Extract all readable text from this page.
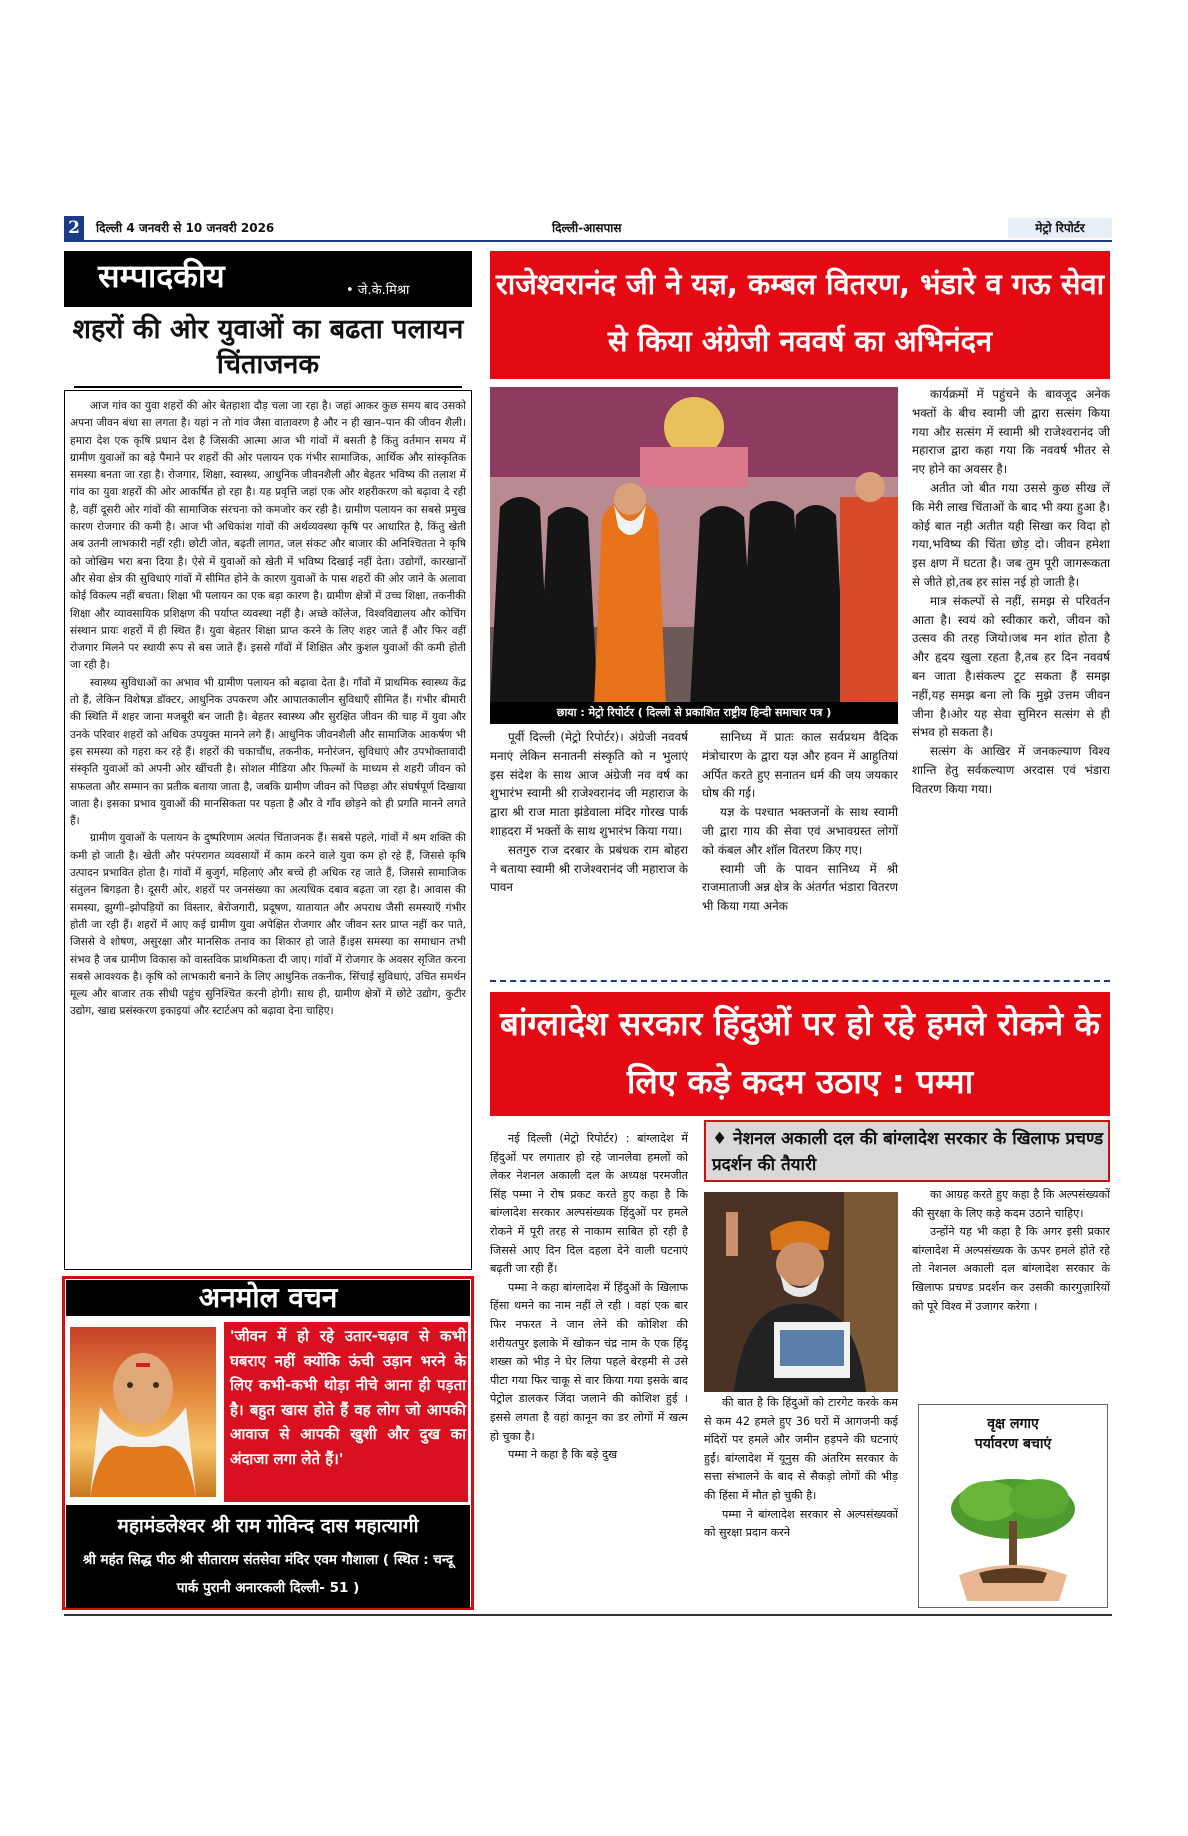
2	दिल्ली 4 जनवरी से 10 जनवरी 2026	दिल्ली-आसपास	मेट्रो रिपोर्टर
सम्पादकीय	• जे.के.मिश्रा
शहरों की ओर युवाओं का बढता पलायन चिंताजनक

आज गांव का युवा शहरों की ओर बेतहाशा दौड़ चला जा रहा है। जहां आकर कुछ समय बाद उसको अपना जीवन बंधा सा लगता है। यहां न तो गांव जैसा वातावरण है और न ही खान–पान की जीवन शैली। हमारा देश एक कृषि प्रधान देश है जिसकी आत्मा आज भी गांवों में बसती है किंतु वर्तमान समय में ग्रामीण युवाओं का बड़े पैमाने पर शहरों की ओर पलायन एक गंभीर सामाजिक, आर्थिक और सांस्कृतिक समस्या बनता जा रहा है। रोजगार, शिक्षा, स्वास्थ्य, आधुनिक जीवनशैली और बेहतर भविष्य की तलाश में गांव का युवा शहरों की ओर आकर्षित हो रहा है। यह प्रवृत्ति जहां एक ओर शहरीकरण को बढ़ावा दे रही है, वहीं दूसरी ओर गांवों की सामाजिक संरचना को कमजोर कर रही है। ग्रामीण पलायन का सबसे प्रमुख कारण रोजगार की कमी है। आज भी अधिकांश गांवों की अर्थव्यवस्था कृषि पर आधारित है, किंतु खेती अब उतनी लाभकारी नहीं रही। छोटी जोत, बढ़ती लागत, जल संकट और बाजार की अनिश्चितता ने कृषि को जोखिम भरा बना दिया है। ऐसे में युवाओं को खेती में भविष्य दिखाई नहीं देता। उद्योगों, कारखानों और सेवा क्षेत्र की सुविधाएं गांवों में सीमित होने के कारण युवाओं के पास शहरों की ओर जाने के अलावा कोई विकल्प नहीं बचता। शिक्षा भी पलायन का एक बड़ा कारण है। ग्रामीण क्षेत्रों में उच्च शिक्षा, तकनीकी शिक्षा और व्यावसायिक प्रशिक्षण की पर्याप्त व्यवस्था नहीं है। अच्छे कॉलेज, विश्वविद्यालय और कोचिंग संस्थान प्रायः शहरों में ही स्थित हैं। युवा बेहतर शिक्षा प्राप्त करने के लिए शहर जाते हैं और फिर वहीं रोजगार मिलने पर स्थायी रूप से बस जाते हैं। इससे गाँवों में शिक्षित और कुशल युवाओं की कमी होती जा रही है।

स्वास्थ्य सुविधाओं का अभाव भी ग्रामीण पलायन को बढ़ावा देता है। गाँवों में प्राथमिक स्वास्थ्य केंद्र तो हैं, लेकिन विशेषज्ञ डॉक्टर, आधुनिक उपकरण और आपातकालीन सुविधाएँ सीमित हैं। गंभीर बीमारी की स्थिति में शहर जाना मजबूरी बन जाती है। बेहतर स्वास्थ्य और सुरक्षित जीवन की चाह में युवा और उनके परिवार शहरों को अधिक उपयुक्त मानने लगे हैं। आधुनिक जीवनशैली और सामाजिक आकर्षण भी इस समस्या को गहरा कर रहे हैं। शहरों की चकाचौंध, तकनीक, मनोरंजन, सुविधाएं और उपभोक्तावादी संस्कृति युवाओं को अपनी ओर खींचती है। सोशल मीडिया और फिल्मों के माध्यम से शहरी जीवन को सफलता और सम्मान का प्रतीक बताया जाता है, जबकि ग्रामीण जीवन को पिछड़ा और संघर्षपूर्ण दिखाया जाता है। इसका प्रभाव युवाओं की मानसिकता पर पड़ता है और वे गाँव छोड़ने को ही प्रगति मानने लगते हैं।

ग्रामीण युवाओं के पलायन के दुष्परिणाम अत्यंत चिंताजनक हैं। सबसे पहले, गांवों में श्रम शक्ति की कमी हो जाती है। खेती और परंपरागत व्यवसायों में काम करने वाले युवा कम हो रहे हैं, जिससे कृषि उत्पादन प्रभावित होता है। गांवों में बुजुर्ग, महिलाएं और बच्चे ही अधिक रह जाते हैं, जिससे सामाजिक संतुलन बिगड़ता है। दूसरी ओर, शहरों पर जनसंख्या का अत्यधिक दबाव बढ़ता जा रहा है। आवास की समस्या, झुग्गी–झोपड़ियों का विस्तार, बेरोजगारी, प्रदूषण, यातायात और अपराध जैसी समस्याएँ गंभीर होती जा रही हैं। शहरों में आए कई ग्रामीण युवा अपेक्षित रोजगार और जीवन स्तर प्राप्त नहीं कर पाते, जिससे वे शोषण, असुरक्षा और मानसिक तनाव का शिकार हो जाते हैं।इस समस्या का समाधान तभी संभव है जब ग्रामीण विकास को वास्तविक प्राथमिकता दी जाए। गांवों में रोजगार के अवसर सृजित करना सबसे आवश्यक है। कृषि को लाभकारी बनाने के लिए आधुनिक तकनीक, सिंचाई सुविधाएं, उचित समर्थन मूल्य और बाजार तक सीधी पहुंच सुनिश्चित करनी होगी। साथ ही, ग्रामीण क्षेत्रों में छोटे उद्योग, कुटीर उद्योग, खाद्य प्रसंस्करण इकाइयां और स्टार्टअप को बढ़ावा देना चाहिए।

अनमोल वचन
'जीवन में हो रहे उतार-चढ़ाव से कभी घबराए नहीं क्योंकि ऊंची उड़ान भरने के लिए कभी-कभी थोड़ा नीचे आना ही पड़ता है। बहुत खास होते हैं वह लोग जो आपकी आवाज से आपकी खुशी और दुख का अंदाजा लगा लेते हैं।'
महामंडलेश्वर श्री राम गोविन्द दास महात्यागी
श्री महंत सिद्ध पीठ श्री सीताराम संतसेवा मंदिर एवम गौशाला ( स्थित : चन्दू पार्क पुरानी अनारकली दिल्ली- 51 )
राजेश्वरानंद जी ने यज्ञ, कम्बल वितरण, भंडारे व गऊ सेवा से किया अंग्रेजी नववर्ष का अभिनंदन
छाया : मेट्रो रिपोर्टर ( दिल्ली से प्रकाशित राष्ट्रीय हिन्दी समाचार पत्र )

पूर्वी दिल्ली (मेट्रो रिपोर्टर)। अंग्रेजी नववर्ष मनाएं लेकिन सनातनी संस्कृति को न भुलाएं इस संदेश के साथ आज अंग्रेजी नव वर्ष का शुभारंभ स्वामी श्री राजेश्वरानंद जी महाराज के द्वारा श्री राज माता झंडेवाला मंदिर गोरख पार्क शाहदरा में भक्तों के साथ शुभारंभ किया गया।

सतगुरु राज दरबार के प्रबंधक राम बोहरा ने बताया स्वामी श्री राजेश्वरानंद जी महाराज के पावन

सानिध्य में प्रातः काल सर्वप्रथम वैदिक मंत्रोचारण के द्वारा यज्ञ और हवन में आहुतियां अर्पित करते हुए सनातन धर्म की जय जयकार घोष की गई।

यज्ञ के पश्चात भक्तजनों के साथ स्वामी जी द्वारा गाय की सेवा एवं अभावग्रस्त लोगों को कंबल और शॉल वितरण किए गए।

स्वामी जी के पावन सानिध्य में श्री राजमाताजी अन्न क्षेत्र के अंतर्गत भंडारा वितरण भी किया गया अनेक

कार्यक्रमों में पहुंचने के बावजूद अनेक भक्तों के बीच स्वामी जी द्वारा सत्संग किया गया और सत्संग में स्वामी श्री राजेश्वरानंद जी महाराज द्वारा कहा गया कि नववर्ष भीतर से नए होने का अवसर है।

अतीत जो बीत गया उससे कुछ सीख लें कि मेरी लाख चिंताओं के बाद भी क्या हुआ है। कोई बात नही अतीत यही सिखा कर विदा हो गया,भविष्य की चिंता छोड़ दो। जीवन हमेशा इस क्षण में घटता है। जब तुम पूरी जागरूकता से जीते हो,तब हर सांस नई हो जाती है।

मात्र संकल्पों से नहीं, समझ से परिवर्तन आता है। स्वयं को स्वीकार करो, जीवन को उत्सव की तरह जियो।जब मन शांत होता है और हृदय खुला रहता है,तब हर दिन नववर्ष बन जाता है।संकल्प टूट सकता हैं समझ नहीं,यह समझ बना लो कि मुझे उत्तम जीवन जीना है।ओर यह सेवा सुमिरन सत्संग से ही संभव हो सकता है।

सत्संग के आखिर में जनकल्याण विश्व शान्ति हेतु सर्वकल्याण अरदास एवं भंडारा वितरण किया गया।

बांग्लादेश सरकार हिंदुओं पर हो रहे हमले रोकने के लिए कड़े कदम उठाए : पम्मा

नई दिल्ली (मेट्रो रिपोर्टर) : बांग्लादेश में हिंदुओं पर लगातार हो रहे जानलेवा हमलों को लेकर नेशनल अकाली दल के अध्यक्ष परमजीत सिंह पम्मा ने रोष प्रकट करते हुए कहा है कि बांग्लादेश सरकार अल्पसंख्यक हिंदुओं पर हमले रोकने में पूरी तरह से नाकाम साबित हो रही है जिससे आए दिन दिल दहला देने वाली घटनाएं बढ़ती जा रही हैं।

पम्मा ने कहा बांग्लादेश में हिंदुओं के खिलाफ हिंसा थमने का नाम नहीं ले रही । वहां एक बार फिर नफरत ने जान लेने की कोशिश की शरीयतपुर इलाके में खोकन चंद्र नाम के एक हिंदू शख्स को भीड़ ने घेर लिया पहले बेरहमी से उसे पीटा गया फिर चाकू से वार किया गया इसके बाद पेट्रोल डालकर जिंदा जलाने की कोशिश हुई । इससे लगता है वहां कानून का डर लोगों में खत्म हो चुका है।

पम्मा ने कहा है कि बड़े दुख

♦ नेशनल अकाली दल की बांग्लादेश सरकार के खिलाफ प्रचण्ड प्रदर्शन की तैयारी

की बात है कि हिंदुओं को टारगेट करके कम से कम 42 हमले हुए 36 घरों में आगजनी कई मंदिरों पर हमले और जमीन हड़पने की घटनाएं हुईं। बांग्लादेश में यूनुस की अंतरिम सरकार के सत्ता संभालने के बाद से सैकड़ो लोगों की भीड़ की हिंसा में मौत हो चुकी है।

पम्मा ने बांग्लादेश सरकार से अल्पसंख्यकों को सुरक्षा प्रदान करने

का आग्रह करते हुए कहा है कि अल्पसंख्यकों की सुरक्षा के लिए कड़े कदम उठाने चाहिए।

उन्होंने यह भी कहा है कि अगर इसी प्रकार बांग्लादेश में अल्पसंख्यक के ऊपर हमले होते रहे तो नेशनल अकाली दल बांग्लादेश सरकार के खिलाफ प्रचण्ड प्रदर्शन कर उसकी कारगुज़ारियों को पूरे विश्व में उजागर करेगा ।

वृक्ष लगाए
पर्यावरण बचाएं
